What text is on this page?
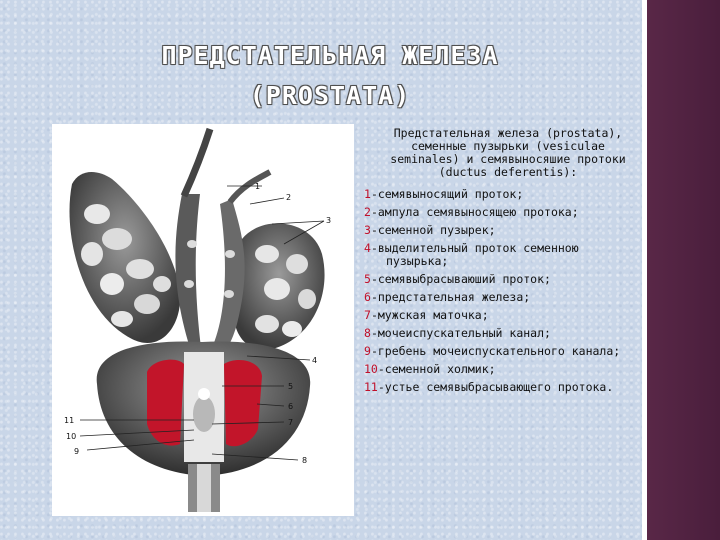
ПРЕДСТАТЕЛЬНАЯ ЖЕЛЕЗА
(PROSTATA)
1
2
3
4
5
6
7
8
9
10
11
Предстательная железа (prostata), семенные пузырьки (vesiculae seminales) и семявыносяшие протоки (ductus deferentis):
1-семявыносящий проток;
2-ампула семявыносящею протока;
3-семенной пузырек;
4-выделительный проток семенною пузырька;
5-семявыбрасываюший проток;
6-предстательная железа;
7-мужская маточка;
8-мочеиспускательный канал;
9-гребень мочеиспускательного канала;
10-семенной холмик;
11-устье семявыбрасывающего протока.
